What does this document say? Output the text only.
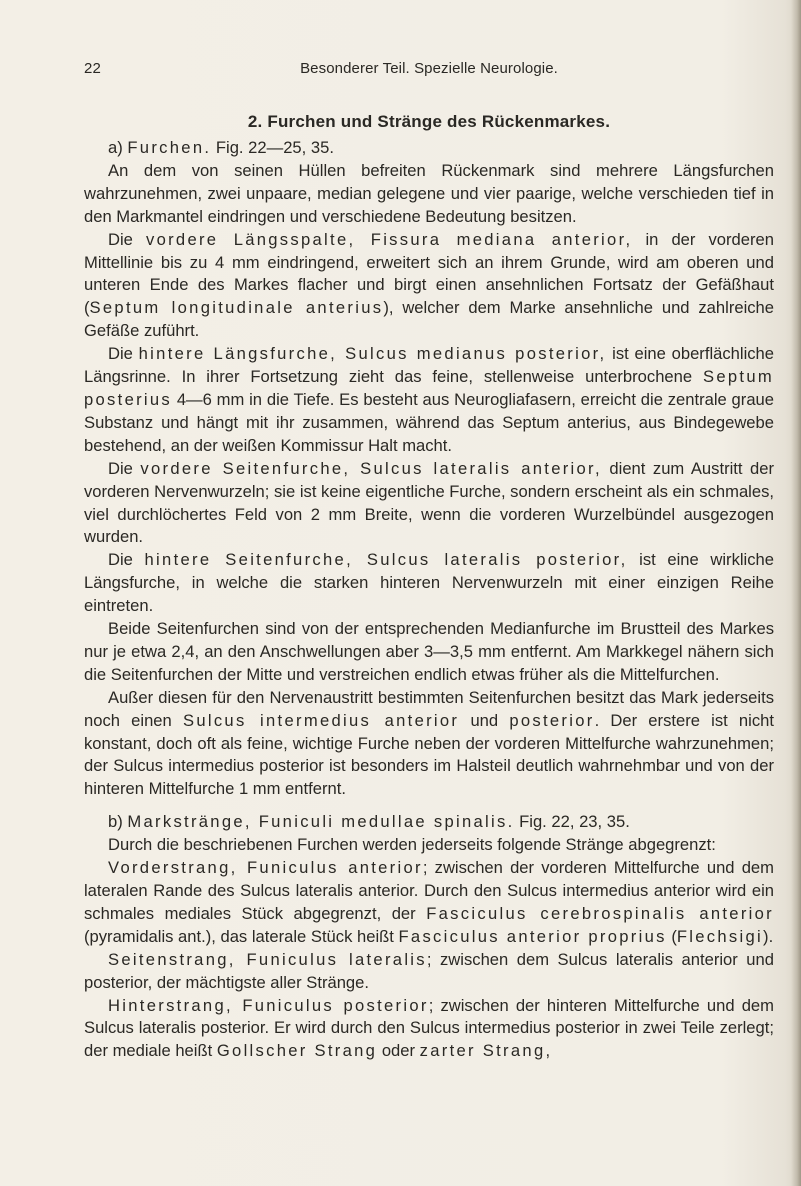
22	Besonderer Teil. Spezielle Neurologie.
2. Furchen und Stränge des Rückenmarkes.

a) Furchen. Fig. 22—25, 35.

An dem von seinen Hüllen befreiten Rückenmark sind mehrere Längsfurchen wahrzunehmen, zwei unpaare, median gelegene und vier paarige, welche verschieden tief in den Markmantel eindringen und verschiedene Bedeutung besitzen.

Die vordere Längsspalte, Fissura mediana anterior, in der vorderen Mittellinie bis zu 4 mm eindringend, erweitert sich an ihrem Grunde, wird am oberen und unteren Ende des Markes flacher und birgt einen ansehnlichen Fortsatz der Gefäßhaut (Septum longitudinale anterius), welcher dem Marke ansehnliche und zahlreiche Gefäße zuführt.

Die hintere Längsfurche, Sulcus medianus posterior, ist eine oberflächliche Längsrinne. In ihrer Fortsetzung zieht das feine, stellenweise unterbrochene Septum posterius 4—6 mm in die Tiefe. Es besteht aus Neurogliafasern, erreicht die zentrale graue Substanz und hängt mit ihr zusammen, während das Septum anterius, aus Bindegewebe bestehend, an der weißen Kommissur Halt macht.

Die vordere Seitenfurche, Sulcus lateralis anterior, dient zum Austritt der vorderen Nervenwurzeln; sie ist keine eigentliche Furche, sondern erscheint als ein schmales, viel durchlöchertes Feld von 2 mm Breite, wenn die vorderen Wurzelbündel ausgezogen wurden.

Die hintere Seitenfurche, Sulcus lateralis posterior, ist eine wirkliche Längsfurche, in welche die starken hinteren Nervenwurzeln mit einer einzigen Reihe eintreten.

Beide Seitenfurchen sind von der entsprechenden Medianfurche im Brustteil des Markes nur je etwa 2,4, an den Anschwellungen aber 3—3,5 mm entfernt. Am Markkegel nähern sich die Seitenfurchen der Mitte und verstreichen endlich etwas früher als die Mittelfurchen.

Außer diesen für den Nervenaustritt bestimmten Seitenfurchen besitzt das Mark jederseits noch einen Sulcus intermedius anterior und posterior. Der erstere ist nicht konstant, doch oft als feine, wichtige Furche neben der vorderen Mittelfurche wahrzunehmen; der Sulcus intermedius posterior ist besonders im Halsteil deutlich wahrnehmbar und von der hinteren Mittelfurche 1 mm entfernt.

b) Markstränge, Funiculi medullae spinalis. Fig. 22, 23, 35.

Durch die beschriebenen Furchen werden jederseits folgende Stränge abgegrenzt:

Vorderstrang, Funiculus anterior; zwischen der vorderen Mittelfurche und dem lateralen Rande des Sulcus lateralis anterior. Durch den Sulcus intermedius anterior wird ein schmales mediales Stück abgegrenzt, der Fasciculus cerebrospinalis anterior (pyramidalis ant.), das laterale Stück heißt Fasciculus anterior proprius (Flechsigi).

Seitenstrang, Funiculus lateralis; zwischen dem Sulcus lateralis anterior und posterior, der mächtigste aller Stränge.

Hinterstrang, Funiculus posterior; zwischen der hinteren Mittelfurche und dem Sulcus lateralis posterior. Er wird durch den Sulcus intermedius posterior in zwei Teile zerlegt; der mediale heißt Gollscher Strang oder zarter Strang,
